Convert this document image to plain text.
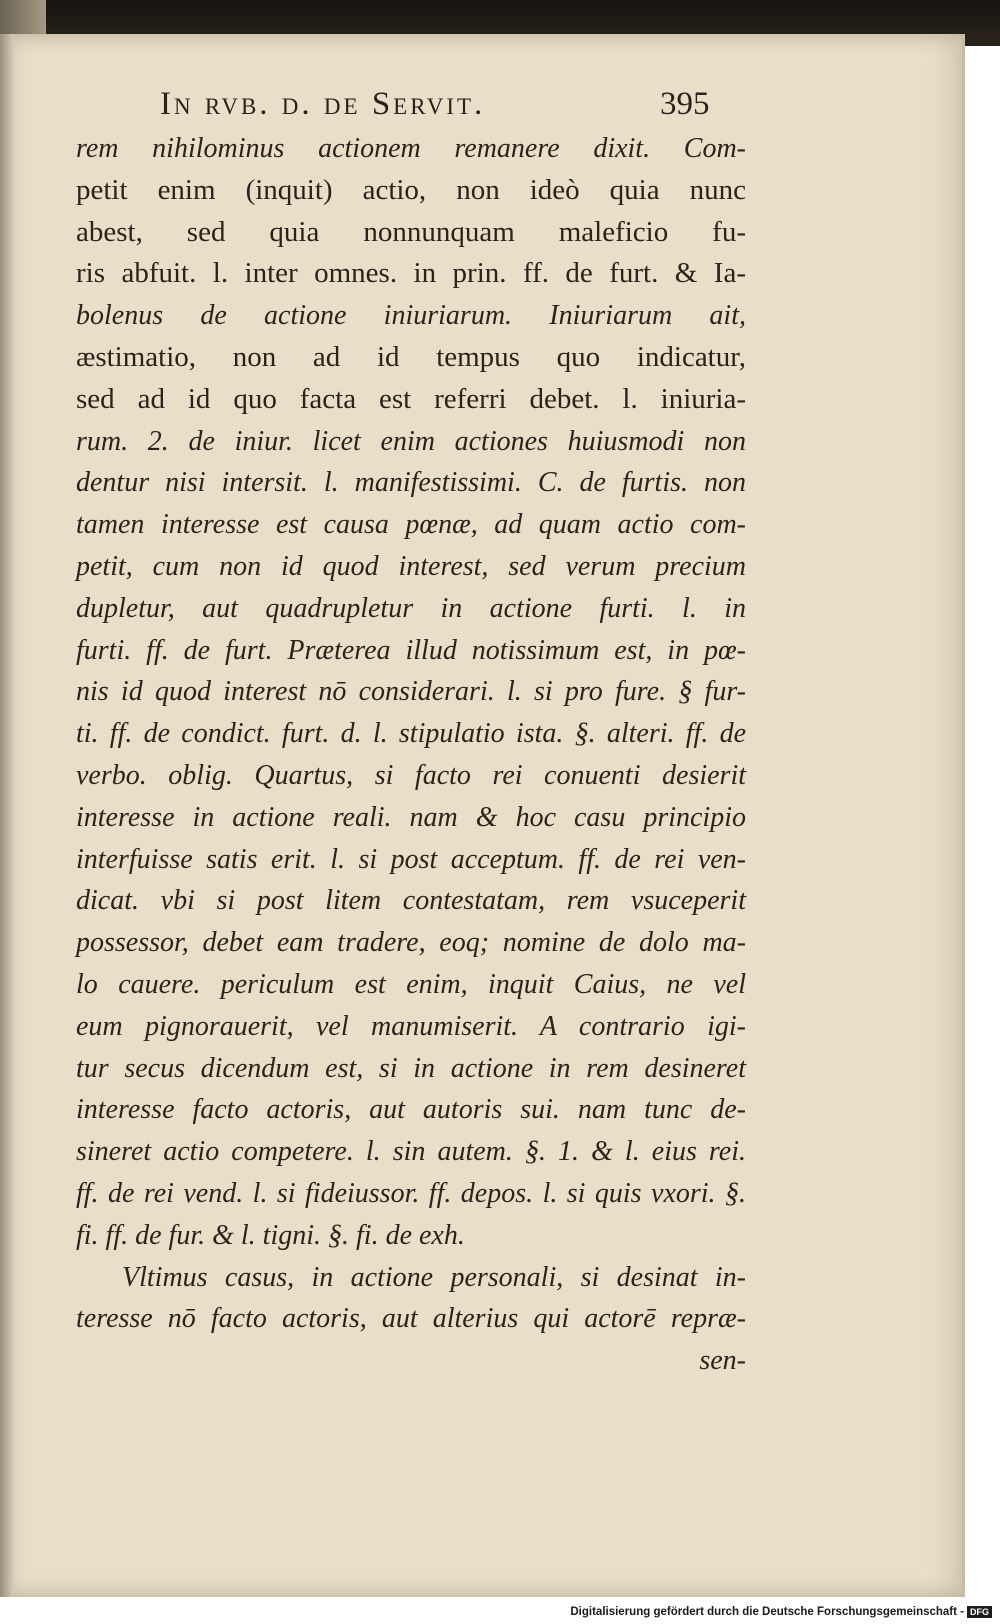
In rvb. d. de Servit.	395
rem nihilominus actionem remanere dixit. Com-
petit enim (inquit) actio, non ideò quia nunc
abest, sed quia nonnunquam maleficio fu-
ris abfuit. l. inter omnes. in prin. ff. de furt. & Ia-
bolenus de actione iniuriarum. Iniuriarum ait,
æstimatio, non ad id tempus quo indicatur,
sed ad id quo facta est referri debet. l. iniuria-
rum. 2. de iniur. licet enim actiones huiusmodi non
dentur nisi intersit. l. manifestissimi. C. de furtis. non
tamen interesse est causa pœnæ, ad quam actio com-
petit, cum non id quod interest, sed verum precium
dupletur, aut quadrupletur in actione furti. l. in
furti. ff. de furt. Præterea illud notissimum est, in pœ-
nis id quod interest nō considerari. l. si pro fure. § fur-
ti. ff. de condict. furt. d. l. stipulatio ista. §. alteri. ff. de
verbo. oblig. Quartus, si facto rei conuenti desierit
interesse in actione reali. nam & hoc casu principio
interfuisse satis erit. l. si post acceptum. ff. de rei ven-
dicat. vbi si post litem contestatam, rem vsuceperit
possessor, debet eam tradere, eoq; nomine de dolo ma-
lo cauere. periculum est enim, inquit Caius, ne vel
eum pignorauerit, vel manumiserit. A contrario igi-
tur secus dicendum est, si in actione in rem desineret
interesse facto actoris, aut autoris sui. nam tunc de-
sineret actio competere. l. sin autem. §. 1. & l. eius rei.
ff. de rei vend. l. si fideiussor. ff. depos. l. si quis vxori. §.
fi. ff. de fur. & l. tigni. §. fi. de exh.
Vltimus casus, in actione personali, si desinat in-
teresse nō facto actoris, aut alterius qui actorē repræ-
sen-
Digitalisierung gefördert durch die Deutsche Forschungsgemeinschaft - DFG
